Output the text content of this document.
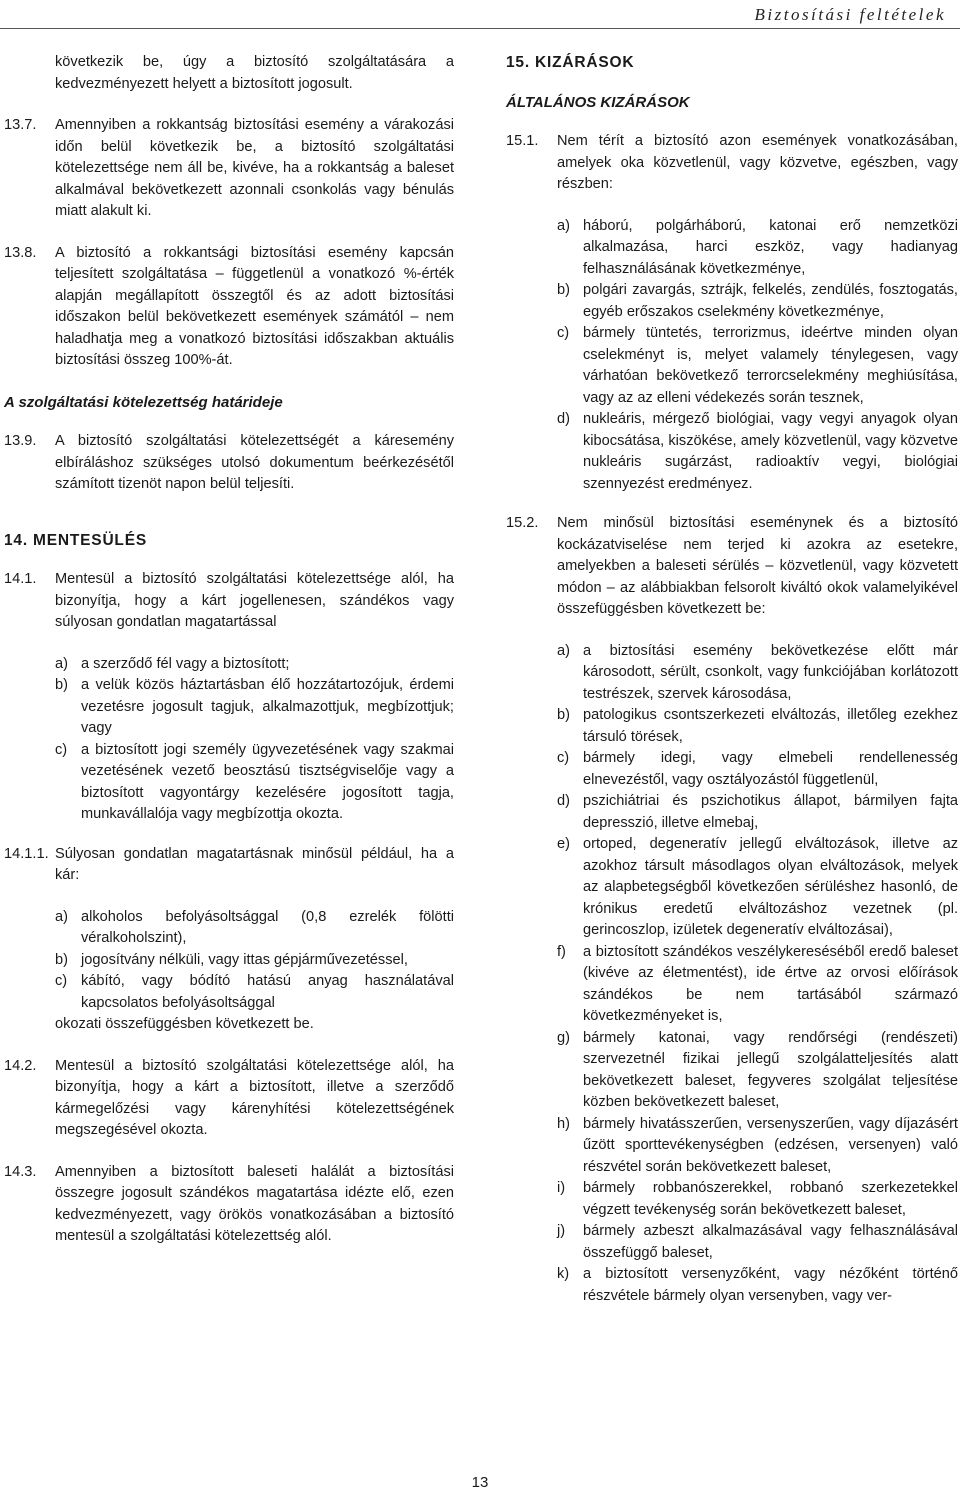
Biztosítási feltételek

következik be, úgy a biztosító szolgáltatására a kedvezményezett helyett a biztosított jogosult.

13.7.	Amennyiben a rokkantság biztosítási esemény a várakozási időn belül következik be, a biztosító szolgáltatási kötelezettsége nem áll be, kivéve, ha a rokkantság a baleset alkalmával bekövetkezett azonnali csonkolás vagy bénulás miatt alakult ki.
13.8.	A biztosító a rokkantsági biztosítási esemény kapcsán teljesített szolgáltatása – függetlenül a vonatkozó %-érték alapján megállapított összegtől és az adott biztosítási időszakon belül bekövetkezett események számától – nem haladhatja meg a vonatkozó biztosítási időszakban aktuális biztosítási összeg 100%-át.
A szolgáltatási kötelezettség határideje
13.9.	A biztosító szolgáltatási kötelezettségét a káresemény elbíráláshoz szükséges utolsó dokumentum beérkezésétől számított tizenöt napon belül teljesíti.
14. MENTESÜLÉS
14.1.	Mentesül a biztosító szolgáltatási kötelezettsége alól, ha bizonyítja, hogy a kárt jogellenesen, szándékos vagy súlyosan gondatlan magatartással
a) a szerződő fél vagy a biztosított;
b) a velük közös háztartásban élő hozzátartozójuk, érdemi vezetésre jogosult tagjuk, alkalmazottjuk, megbízottjuk; vagy
c) a biztosított jogi személy ügyvezetésének vagy szakmai vezetésének vezető beosztású tisztségviselője vagy a biztosított vagyontárgy kezelésére jogosított tagja, munkavállalója vagy megbízottja okozta.
14.1.1. Súlyosan gondatlan magatartásnak minősül például, ha a kár:
a) alkoholos befolyásoltsággal (0,8 ezrelék fölötti véralkoholszint),
b) jogosítvány nélküli, vagy ittas gépjárművezetéssel,
c) kábító, vagy bódító hatású anyag használatával kapcsolatos befolyásoltsággal

okozati összefüggésben következett be.

14.2.	Mentesül a biztosító szolgáltatási kötelezettsége alól, ha bizonyítja, hogy a kárt a biztosított, illetve a szerződő kármegelőzési vagy kárenyhítési kötelezettségének megszegésével okozta.
14.3.	Amennyiben a biztosított baleseti halálát a biztosítási összegre jogosult szándékos magatartása idézte elő, ezen kedvezményezett, vagy örökös vonatkozásában a biztosító mentesül a szolgáltatási kötelezettség alól.
15. KIZÁRÁSOK
ÁLTALÁNOS KIZÁRÁSOK
15.1.	Nem térít a biztosító azon események vonatkozásában, amelyek oka közvetlenül, vagy közvetve, egészben, vagy részben:
a) háború, polgárháború, katonai erő nemzetközi alkalmazása, harci eszköz, vagy hadianyag felhasználásának következménye,
b) polgári zavargás, sztrájk, felkelés, zendülés, fosztogatás, egyéb erőszakos cselekmény következménye,
c) bármely tüntetés, terrorizmus, ideértve minden olyan cselekményt is, melyet valamely ténylegesen, vagy várhatóan bekövetkező terrorcselekmény meghiúsítása, vagy az az elleni védekezés során tesznek,
d) nukleáris, mérgező biológiai, vagy vegyi anyagok olyan kibocsátása, kiszökése, amely közvetlenül, vagy közvetve nukleáris sugárzást, radioaktív vegyi, biológiai szennyezést eredményez.
15.2.	Nem minősül biztosítási eseménynek és a biztosító kockázatviselése nem terjed ki azokra az esetekre, amelyekben a baleseti sérülés – közvetlenül, vagy közvetett módon – az alábbiakban felsorolt kiváltó okok valamelyikével összefüggésben következett be:
a) a biztosítási esemény bekövetkezése előtt már károsodott, sérült, csonkolt, vagy funkciójában korlátozott testrészek, szervek károsodása,
b) patologikus csontszerkezeti elváltozás, illetőleg ezekhez társuló törések,
c) bármely idegi, vagy elmebeli rendellenesség elnevezéstől, vagy osztályozástól függetlenül,
d) pszichiátriai és pszichotikus állapot, bármilyen fajta depresszió, illetve elmebaj,
e) ortoped, degeneratív jellegű elváltozások, illetve az azokhoz társult másodlagos olyan elváltozások, melyek az alapbetegségből következően sérüléshez hasonló, de krónikus eredetű elváltozáshoz vezetnek (pl. gerincoszlop, izületek degeneratív elváltozásai),
f)	a biztosított szándékos veszélykereséséből eredő baleset (kivéve az életmentést), ide értve az orvosi előírások szándékos be nem tartásából származó következményeket is,
g) bármely katonai, vagy rendőrségi (rendészeti) szervezetnél fizikai jellegű szolgálatteljesítés alatt bekövetkezett baleset, fegyveres szolgálat teljesítése közben bekövetkezett baleset,
h) bármely hivatásszerűen, versenyszerűen, vagy díjazásért űzött sporttevékenységben (edzésen, versenyen) való részvétel során bekövetkezett baleset,
i)	bármely robbanószerekkel, robbanó szerkezetekkel végzett tevékenység során bekövetkezett baleset,
j)	bármely azbeszt alkalmazásával vagy felhasználásával összefüggő baleset,
k) a biztosított versenyzőként, vagy nézőként történő részvétele bármely olyan versenyben, vagy ver-
13
